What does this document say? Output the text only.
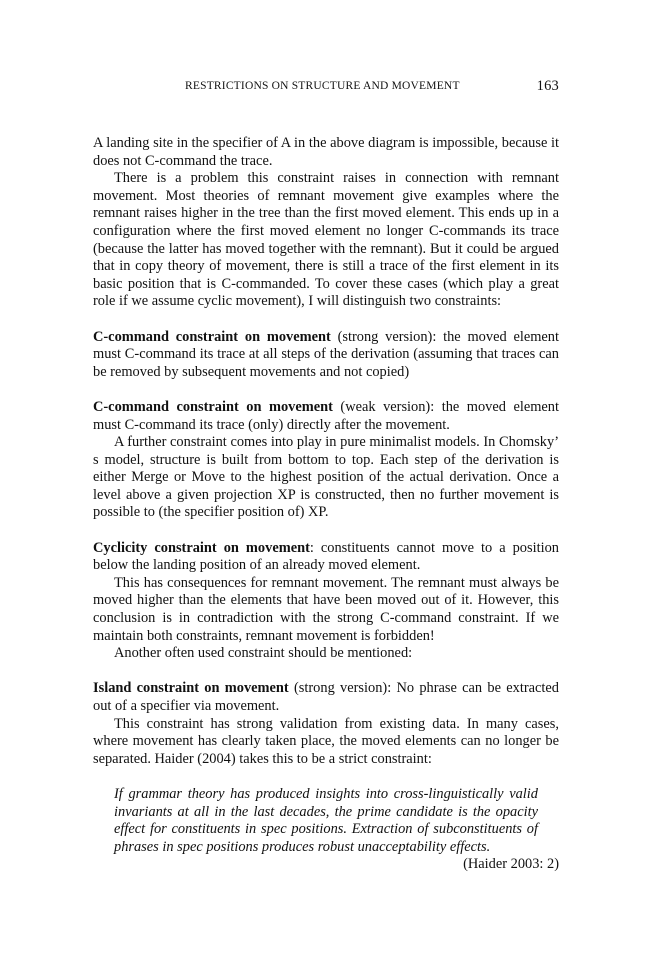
RESTRICTIONS ON STRUCTURE AND MOVEMENT	163

A landing site in the specifier of A in the above diagram is impossible, because it does not C-command the trace.

There is a problem this constraint raises in connection with remnant movement. Most theories of remnant movement give examples where the remnant raises higher in the tree than the first moved element. This ends up in a configuration where the first moved element no longer C-commands its trace (because the latter has moved together with the remnant). But it could be argued that in copy theory of movement, there is still a trace of the first element in its basic position that is C-commanded. To cover these cases (which play a great role if we assume cyclic movement), I will distinguish two constraints:

C-command constraint on movement (strong version): the moved element must C-command its trace at all steps of the derivation (assuming that traces can be removed by subsequent movements and not copied)

C-command constraint on movement (weak version): the moved element must C-command its trace (only) directly after the movement.

A further constraint comes into play in pure minimalist models. In Chomsky’ s model, structure is built from bottom to top. Each step of the derivation is either Merge or Move to the highest position of the actual derivation. Once a level above a given projection XP is constructed, then no further movement is possible to (the specifier position of) XP.

Cyclicity constraint on movement: constituents cannot move to a position below the landing position of an already moved element.

This has consequences for remnant movement. The remnant must always be moved higher than the elements that have been moved out of it. However, this conclusion is in contradiction with the strong C-command constraint. If we maintain both constraints, remnant movement is forbidden!

Another often used constraint should be mentioned:

Island constraint on movement (strong version): No phrase can be extracted out of a specifier via movement.

This constraint has strong validation from existing data. In many cases, where movement has clearly taken place, the moved elements can no longer be separated. Haider (2004) takes this to be a strict constraint:

If grammar theory has produced insights into cross-linguistically valid invariants at all in the last decades, the prime candidate is the opacity effect for constituents in spec positions. Extraction of subconstituents of phrases in spec positions produces robust unacceptability effects.
(Haider 2003: 2)
